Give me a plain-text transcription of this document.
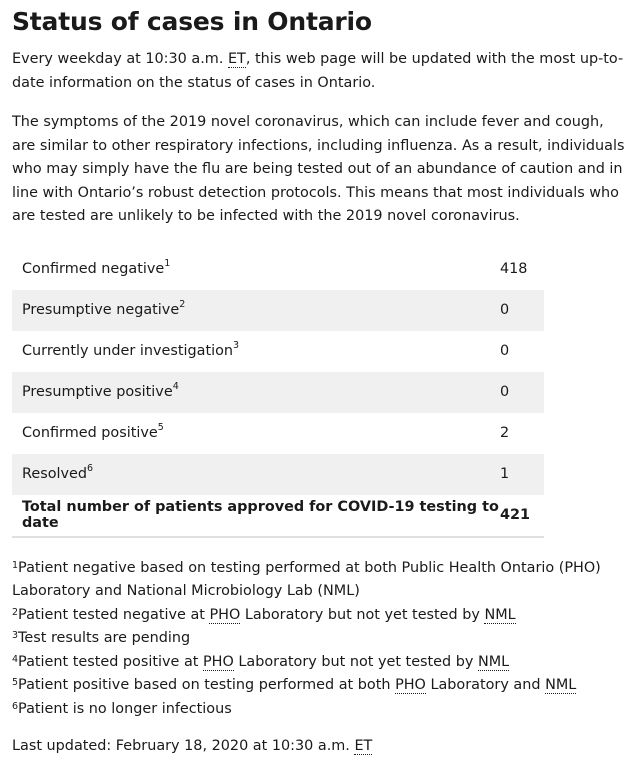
Status of cases in Ontario

Every weekday at 10:30 a.m. ET, this web page will be updated with the most up-to-date information on the status of cases in Ontario.

The symptoms of the 2019 novel coronavirus, which can include fever and cough, are similar to other respiratory infections, including influenza. As a result, individuals who may simply have the flu are being tested out of an abundance of caution and in line with Ontario’s robust detection protocols. This means that most individuals who are tested are unlikely to be infected with the 2019 novel coronavirus.

Confirmed negative$^1$	418
Presumptive negative$^2$	0
Currently under investigation$^3$	0
Presumptive positive$^4$	0
Confirmed positive$^5$	2
Resolved$^6$	1
Total number of patients approved for COVID-19 testing to date	421
$^1$Patient negative based on testing performed at both Public Health Ontario (PHO) Laboratory and National Microbiology Lab (NML)
$^2$Patient tested negative at PHO Laboratory but not yet tested by NML
$^3$Test results are pending
$^4$Patient tested positive at PHO Laboratory but not yet tested by NML
$^5$Patient positive based on testing performed at both PHO Laboratory and NML
$^6$Patient is no longer infectious
Last updated: February 18, 2020 at 10:30 a.m. ET
